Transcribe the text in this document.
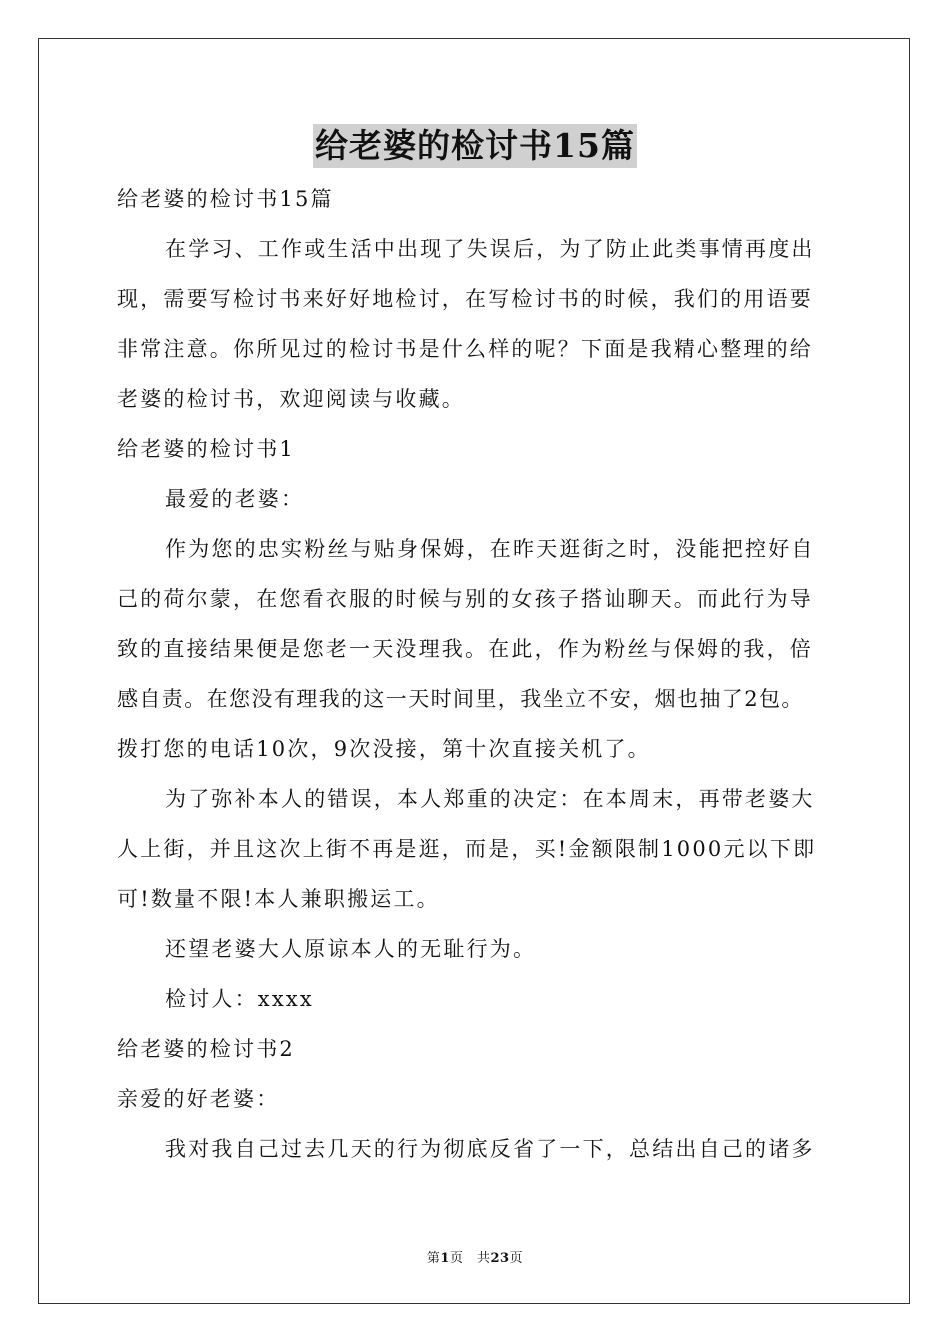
给老婆的检讨书15篇
给老婆的检讨书15篇
在学习、工作或生活中出现了失误后，为了防止此类事情再度出
现，需要写检讨书来好好地检讨，在写检讨书的时候，我们的用语要
非常注意。你所见过的检讨书是什么样的呢？下面是我精心整理的给
老婆的检讨书，欢迎阅读与收藏。
给老婆的检讨书1
最爱的老婆：
作为您的忠实粉丝与贴身保姆，在昨天逛街之时，没能把控好自
己的荷尔蒙，在您看衣服的时候与别的女孩子搭讪聊天。而此行为导
致的直接结果便是您老一天没理我。在此，作为粉丝与保姆的我，倍
感自责。在您没有理我的这一天时间里，我坐立不安，烟也抽了2包。
拨打您的电话10次，9次没接，第十次直接关机了。
为了弥补本人的错误，本人郑重的决定：在本周末，再带老婆大
人上街，并且这次上街不再是逛，而是，买!金额限制1000元以下即
可!数量不限!本人兼职搬运工。
还望老婆大人原谅本人的无耻行为。
检讨人：xxxx
给老婆的检讨书2
亲爱的好老婆：
我对我自己过去几天的行为彻底反省了一下，总结出自己的诸多
第1页　共23页
